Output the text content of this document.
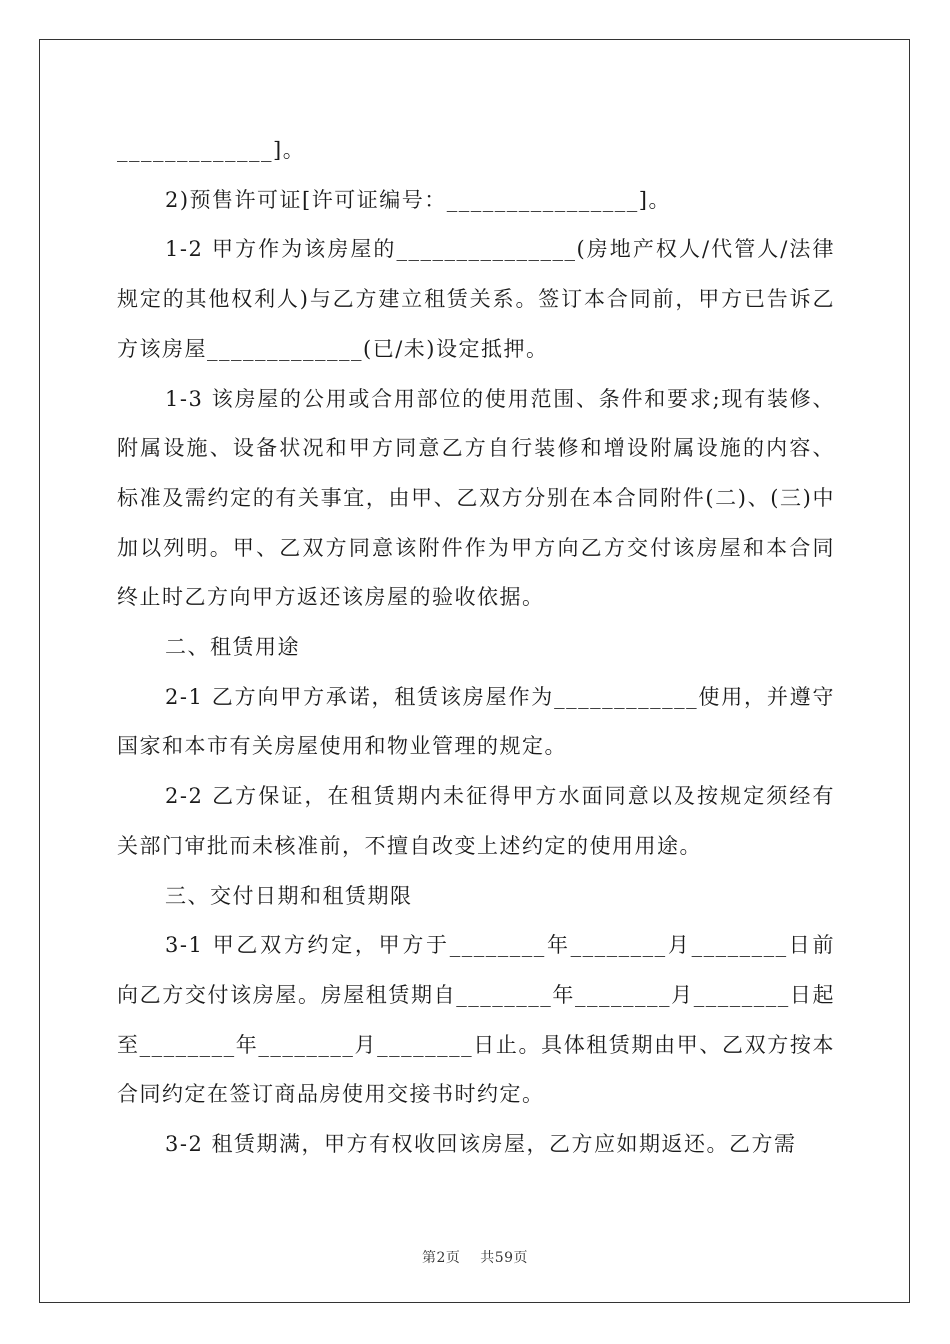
_____________]。

2)预售许可证[许可证编号：________________]。

1-2 甲方作为该房屋的_______________(房地产权人/代管人/法律规定的其他权利人)与乙方建立租赁关系。签订本合同前，甲方已告诉乙方该房屋_____________(已/未)设定抵押。

1-3 该房屋的公用或合用部位的使用范围、条件和要求;现有装修、附属设施、设备状况和甲方同意乙方自行装修和增设附属设施的内容、标准及需约定的有关事宜，由甲、乙双方分别在本合同附件(二)、(三)中加以列明。甲、乙双方同意该附件作为甲方向乙方交付该房屋和本合同终止时乙方向甲方返还该房屋的验收依据。

二、租赁用途

2-1 乙方向甲方承诺，租赁该房屋作为____________使用，并遵守国家和本市有关房屋使用和物业管理的规定。

2-2 乙方保证，在租赁期内未征得甲方水面同意以及按规定须经有关部门审批而未核准前，不擅自改变上述约定的使用用途。

三、交付日期和租赁期限

3-1 甲乙双方约定，甲方于________年________月________日前向乙方交付该房屋。房屋租赁期自________年________月________日起至________年________月________日止。具体租赁期由甲、乙双方按本合同约定在签订商品房使用交接书时约定。

3-2 租赁期满，甲方有权收回该房屋，乙方应如期返还。乙方需

第2页 共59页
